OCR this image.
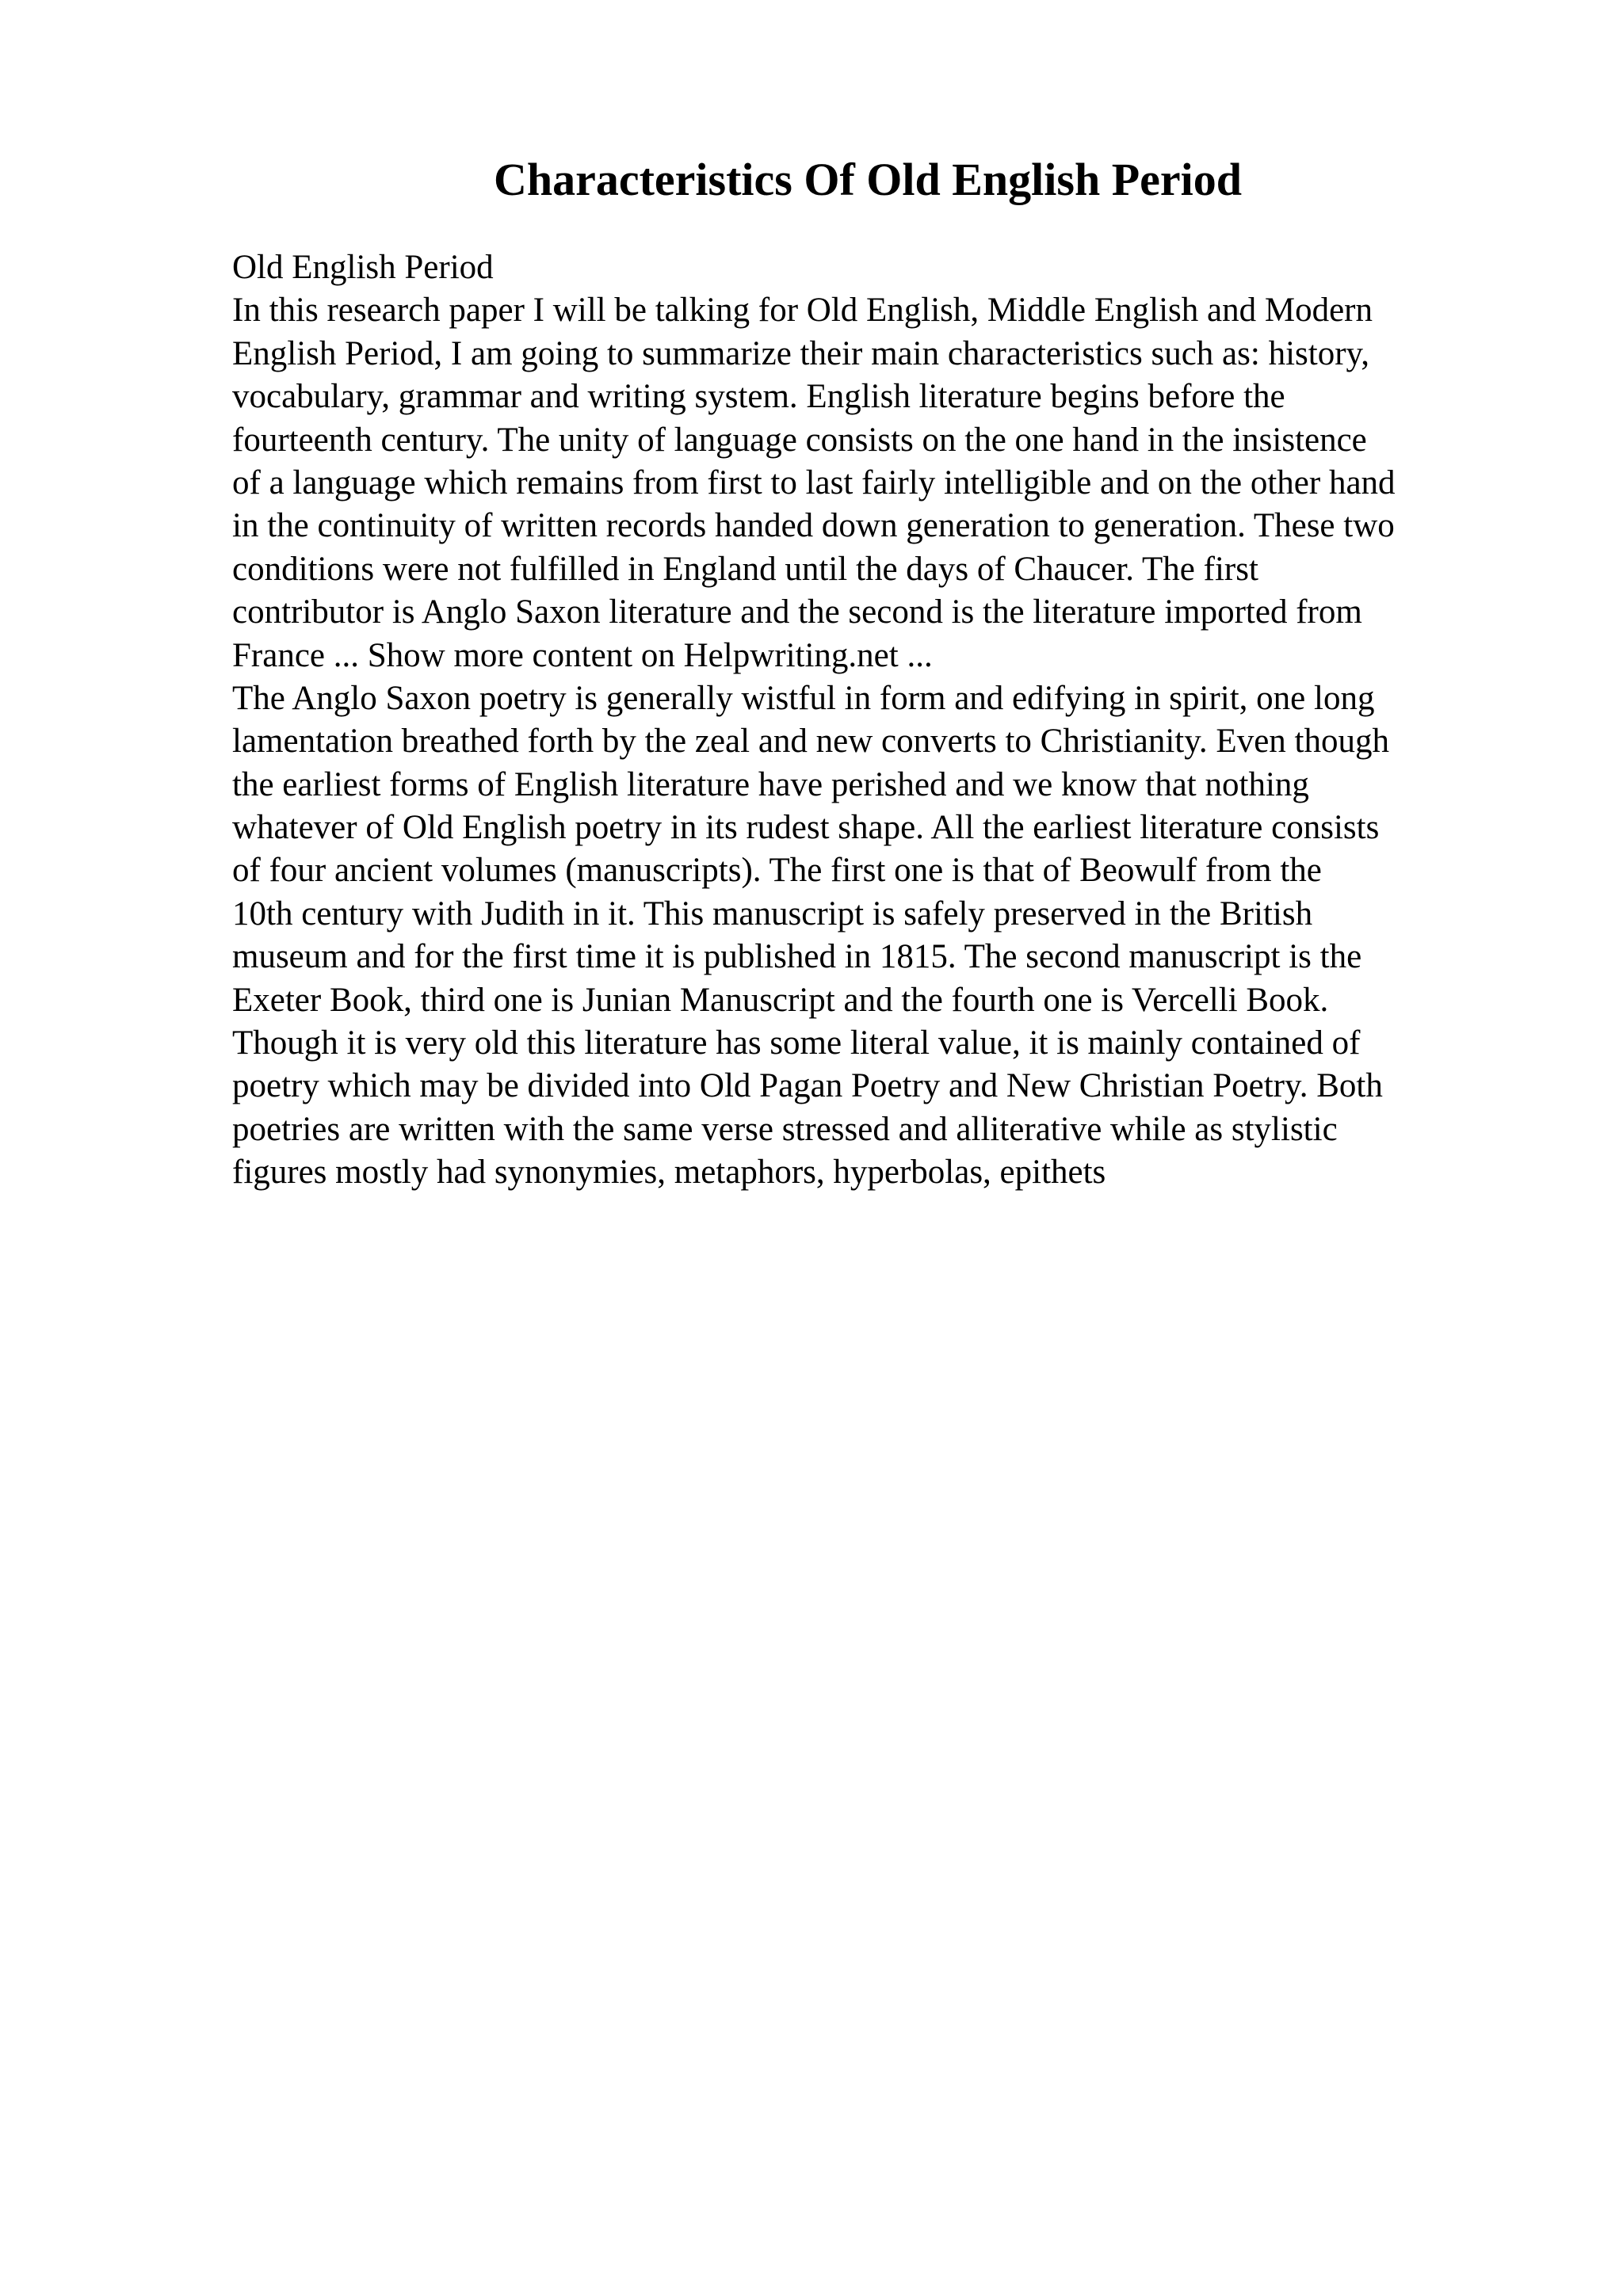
Characteristics Of Old English Period
Old English Period
In this research paper I will be talking for Old English, Middle English and Modern
English Period, I am going to summarize their main characteristics such as: history,
vocabulary, grammar and writing system. English literature begins before the
fourteenth century. The unity of language consists on the one hand in the insistence
of a language which remains from first to last fairly intelligible and on the other hand
in the continuity of written records handed down generation to generation. These two
conditions were not fulfilled in England until the days of Chaucer. The first
contributor is Anglo Saxon literature and the second is the literature imported from
France ... Show more content on Helpwriting.net ...
The Anglo Saxon poetry is generally wistful in form and edifying in spirit, one long
lamentation breathed forth by the zeal and new converts to Christianity. Even though
the earliest forms of English literature have perished and we know that nothing
whatever of Old English poetry in its rudest shape. All the earliest literature consists
of four ancient volumes (manuscripts). The first one is that of Beowulf from the
10th century with Judith in it. This manuscript is safely preserved in the British
museum and for the first time it is published in 1815. The second manuscript is the
Exeter Book, third one is Junian Manuscript and the fourth one is Vercelli Book.
Though it is very old this literature has some literal value, it is mainly contained of
poetry which may be divided into Old Pagan Poetry and New Christian Poetry. Both
poetries are written with the same verse stressed and alliterative while as stylistic
figures mostly had synonymies, metaphors, hyperbolas, epithets
